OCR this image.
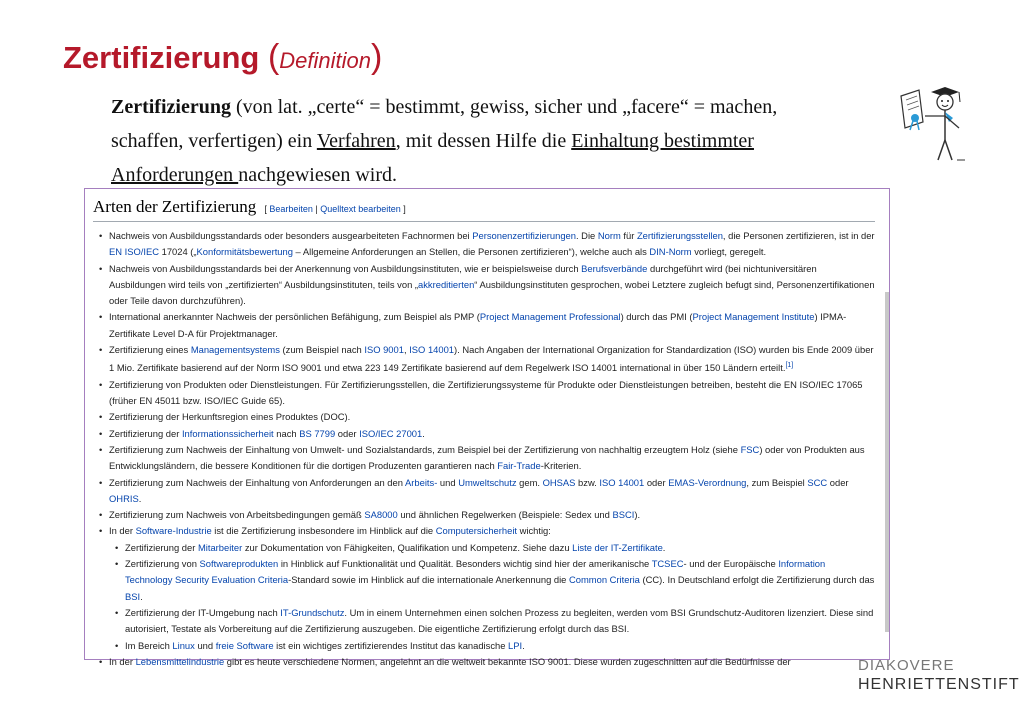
Zertifizierung (Definition)
Zertifizierung (von lat. „certe“ = bestimmt, gewiss, sicher und „facere“ = machen, schaffen, verfertigen) ein Verfahren, mit dessen Hilfe die Einhaltung bestimmter Anforderungen nachgewiesen wird.
Arten der Zertifizierung [ Bearbeiten | Quelltext bearbeiten ]
• Nachweis von Ausbildungsstandards oder besonders ausgearbeiteten Fachnormen bei Personenzertifizierungen. Die Norm für Zertifizierungsstellen, die Personen zertifizieren, ist in der EN ISO/IEC 17024 („Konformitätsbewertung – Allgemeine Anforderungen an Stellen, die Personen zertifizieren“), welche auch als DIN-Norm vorliegt, geregelt.
• Nachweis von Ausbildungsstandards bei der Anerkennung von Ausbildungsinstituten, wie er beispielsweise durch Berufsverbände durchgeführt wird (bei nichtuniversitären Ausbildungen wird teils von „zertifizierten“ Ausbildungsinstituten, teils von „akkreditierten“ Ausbildungsinstituten gesprochen, wobei Letztere zugleich befugt sind, Personenzertifikationen oder Teile davon durchzuführen).
• International anerkannter Nachweis der persönlichen Befähigung, zum Beispiel als PMP (Project Management Professional) durch das PMI (Project Management Institute) IPMA-Zertifikate Level D-A für Projektmanager.
• Zertifizierung eines Managementsystems (zum Beispiel nach ISO 9001, ISO 14001). Nach Angaben der International Organization for Standardization (ISO) wurden bis Ende 2009 über 1 Mio. Zertifikate basierend auf der Norm ISO 9001 und etwa 223 149 Zertifikate basierend auf dem Regelwerk ISO 14001 international in über 150 Ländern erteilt.[1]
• Zertifizierung von Produkten oder Dienstleistungen. Für Zertifizierungsstellen, die Zertifizierungssysteme für Produkte oder Dienstleistungen betreiben, besteht die EN ISO/IEC 17065 (früher EN 45011 bzw. ISO/IEC Guide 65).
• Zertifizierung der Herkunftsregion eines Produktes (DOC).
• Zertifizierung der Informationssicherheit nach BS 7799 oder ISO/IEC 27001.
• Zertifizierung zum Nachweis der Einhaltung von Umwelt- und Sozialstandards, zum Beispiel bei der Zertifizierung von nachhaltig erzeugtem Holz (siehe FSC) oder von Produkten aus Entwicklungsländern, die bessere Konditionen für die dortigen Produzenten garantieren nach Fair-Trade-Kriterien.
• Zertifizierung zum Nachweis der Einhaltung von Anforderungen an den Arbeits- und Umweltschutz gem. OHSAS bzw. ISO 14001 oder EMAS-Verordnung, zum Beispiel SCC oder OHRIS.
• Zertifizierung zum Nachweis von Arbeitsbedingungen gemäß SA8000 und ähnlichen Regelwerken (Beispiele: Sedex und BSCI).
• In der Software-Industrie ist die Zertifizierung insbesondere im Hinblick auf die Computersicherheit wichtig:
• Zertifizierung der Mitarbeiter zur Dokumentation von Fähigkeiten, Qualifikation und Kompetenz. Siehe dazu Liste der IT-Zertifikate.
• Zertifizierung von Softwareprodukten in Hinblick auf Funktionalität und Qualität. Besonders wichtig sind hier der amerikanische TCSEC- und der Europäische Information Technology Security Evaluation Criteria-Standard sowie im Hinblick auf die internationale Anerkennung die Common Criteria (CC). In Deutschland erfolgt die Zertifizierung durch das BSI.
• Zertifizierung der IT-Umgebung nach IT-Grundschutz. Um in einem Unternehmen einen solchen Prozess zu begleiten, werden vom BSI Grundschutz-Auditoren lizenziert. Diese sind autorisiert, Testate als Vorbereitung auf die Zertifizierung auszugeben. Die eigentliche Zertifizierung erfolgt durch das BSI.
• Im Bereich Linux und freie Software ist ein wichtiges zertifizierendes Institut das kanadische LPI.
• In der Lebensmittelindustrie gibt es heute verschiedene Normen, angelehnt an die weltweit bekannte ISO 9001. Diese wurden zugeschnitten auf die Bedürfnisse der	DIAKOVERE
HENRIETTENSTIFT
